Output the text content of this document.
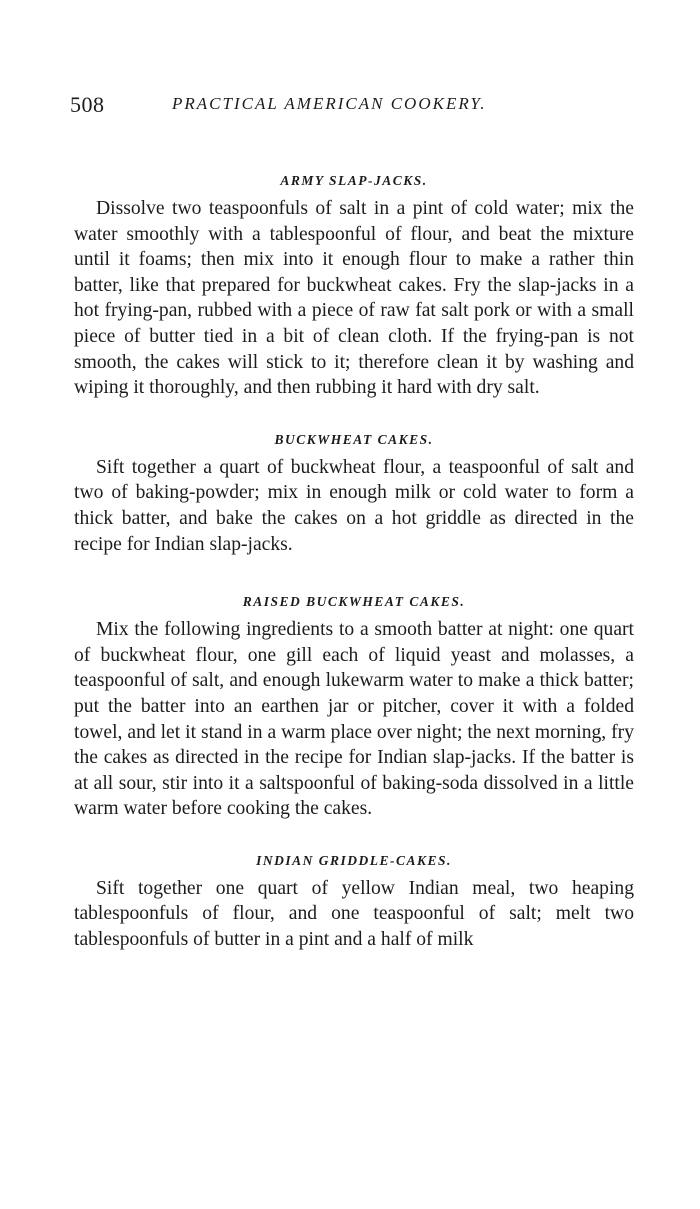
508	PRACTICAL AMERICAN COOKERY.
ARMY SLAP-JACKS.

Dissolve two teaspoonfuls of salt in a pint of cold water; mix the water smoothly with a tablespoonful of flour, and beat the mixture until it foams; then mix into it enough flour to make a rather thin batter, like that prepared for buckwheat cakes. Fry the slap-jacks in a hot frying-pan, rubbed with a piece of raw fat salt pork or with a small piece of butter tied in a bit of clean cloth. If the frying-pan is not smooth, the cakes will stick to it; therefore clean it by washing and wiping it thoroughly, and then rubbing it hard with dry salt.

BUCKWHEAT CAKES.

Sift together a quart of buckwheat flour, a teaspoonful of salt and two of baking-powder; mix in enough milk or cold water to form a thick batter, and bake the cakes on a hot griddle as directed in the recipe for Indian slap-jacks.

RAISED BUCKWHEAT CAKES.

Mix the following ingredients to a smooth batter at night: one quart of buckwheat flour, one gill each of liquid yeast and molasses, a teaspoonful of salt, and enough lukewarm water to make a thick batter; put the batter into an earthen jar or pitcher, cover it with a folded towel, and let it stand in a warm place over night; the next morning, fry the cakes as directed in the recipe for Indian slap-jacks. If the batter is at all sour, stir into it a saltspoonful of baking-soda dissolved in a little warm water before cooking the cakes.

INDIAN GRIDDLE-CAKES.

Sift together one quart of yellow Indian meal, two heaping tablespoonfuls of flour, and one teaspoonful of salt; melt two tablespoonfuls of butter in a pint and a half of milk
